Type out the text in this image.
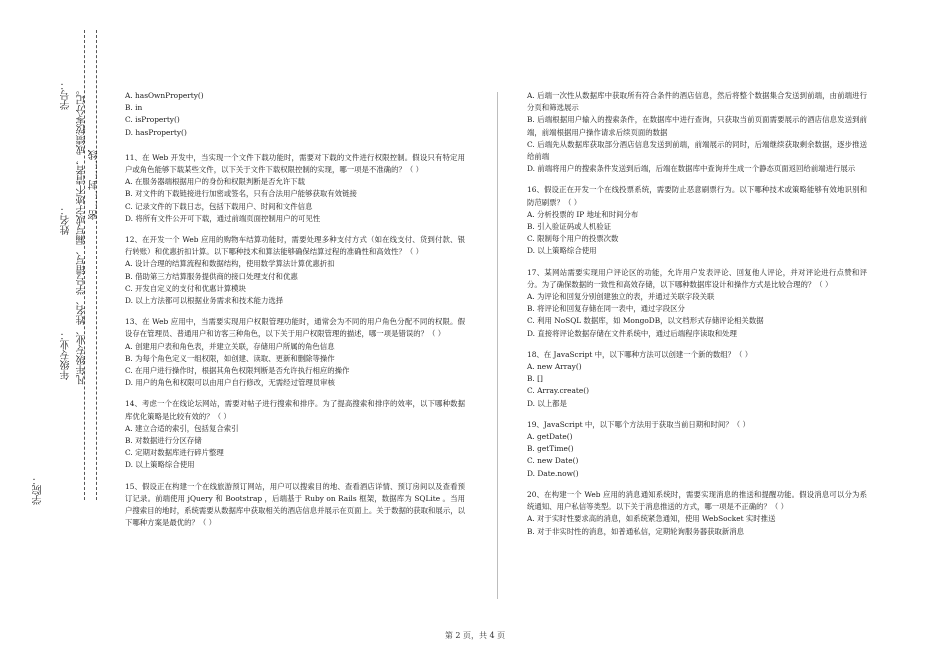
学号：
姓名：
年级专业：
密……封……线
凡年级专业、姓名、学号错写、漏写或字迹不清者，成绩按零分记。
学院：

A. hasOwnProperty()

B. in

C. isProperty()

D. hasProperty()

11、在 Web 开发中，当实现一个文件下载功能时，需要对下载的文件进行权限控制。假设只有特定用户或角色能够下载某些文件，以下关于文件下载权限控制的实现，哪一项是不准确的？（ ）

A. 在服务器端根据用户的身份和权限判断是否允许下载

B. 对文件的下载链接进行加密或签名，只有合法用户能够获取有效链接

C. 记录文件的下载日志，包括下载用户、时间和文件信息

D. 将所有文件公开可下载，通过前端页面控制用户的可见性

12、在开发一个 Web 应用的购物车结算功能时，需要处理多种支付方式（如在线支付、货到付款、银行转账）和优惠折扣计算。以下哪种技术和算法能够确保结算过程的准确性和高效性？（ ）

A. 设计合理的结算流程和数据结构，使用数学算法计算优惠折扣

B. 借助第三方结算服务提供商的接口处理支付和优惠

C. 开发自定义的支付和优惠计算模块

D. 以上方法都可以根据业务需求和技术能力选择

13、在 Web 应用中，当需要实现用户权限管理功能时，通常会为不同的用户角色分配不同的权限。假设存在管理员、普通用户和访客三种角色，以下关于用户权限管理的描述，哪一项是错误的？（ ）

A. 创建用户表和角色表，并建立关联，存储用户所属的角色信息

B. 为每个角色定义一组权限，如创建、读取、更新和删除等操作

C. 在用户进行操作时，根据其角色权限判断是否允许执行相应的操作

D. 用户的角色和权限可以由用户自行修改，无需经过管理员审核

14、考虑一个在线论坛网站，需要对帖子进行搜索和排序。为了提高搜索和排序的效率，以下哪种数据库优化策略是比较有效的？（ ）

A. 建立合适的索引，包括复合索引

B. 对数据进行分区存储

C. 定期对数据库进行碎片整理

D. 以上策略综合使用

15、假设正在构建一个在线旅游预订网站，用户可以搜索目的地、查看酒店详情、预订房间以及查看预订记录。前端使用 jQuery 和 Bootstrap ，后端基于 Ruby on Rails 框架，数据库为 SQLite 。当用户搜索目的地时，系统需要从数据库中获取相关的酒店信息并展示在页面上。关于数据的获取和展示，以下哪种方案是最优的？（ ）

A. 后端一次性从数据库中获取所有符合条件的酒店信息，然后将整个数据集合发送到前端，由前端进行分页和筛选展示

B. 后端根据用户输入的搜索条件，在数据库中进行查询，只获取当前页面需要展示的酒店信息发送到前端，前端根据用户操作请求后续页面的数据

C. 后端先从数据库获取部分酒店信息发送到前端，前端展示的同时，后端继续获取剩余数据，逐步推送给前端

D. 前端将用户的搜索条件发送到后端，后端在数据库中查询并生成一个静态页面返回给前端进行展示

16、假设正在开发一个在线投票系统，需要防止恶意刷票行为。以下哪种技术或策略能够有效地识别和防范刷票？（ ）

A. 分析投票的 IP 地址和时间分布

B. 引入验证码或人机验证

C. 限制每个用户的投票次数

D. 以上策略综合使用

17、某网站需要实现用户评论区的功能，允许用户发表评论、回复他人评论，并对评论进行点赞和评分。为了确保数据的一致性和高效存储，以下哪种数据库设计和操作方式是比较合理的？（ ）

A. 为评论和回复分别创建独立的表，并通过关联字段关联

B. 将评论和回复存储在同一表中，通过字段区分

C. 利用 NoSQL 数据库，如 MongoDB，以文档形式存储评论相关数据

D. 直接将评论数据存储在文件系统中，通过后端程序读取和处理

18、在 JavaScript 中，以下哪种方法可以创建一个新的数组？（ ）

A. new Array()

B. []

C. Array.create()

D. 以上都是

19、JavaScript 中，以下哪个方法用于获取当前日期和时间？（ ）

A. getDate()

B. getTime()

C. new Date()

D. Date.now()

20、在构建一个 Web 应用的消息通知系统时，需要实现消息的推送和提醒功能。假设消息可以分为系统通知、用户私信等类型。以下关于消息推送的方式，哪一项是不正确的？（ ）

A. 对于实时性要求高的消息，如系统紧急通知，使用 WebSocket 实时推送

B. 对于非实时性的消息，如普通私信，定期轮询服务器获取新消息

第 2 页，共 4 页
